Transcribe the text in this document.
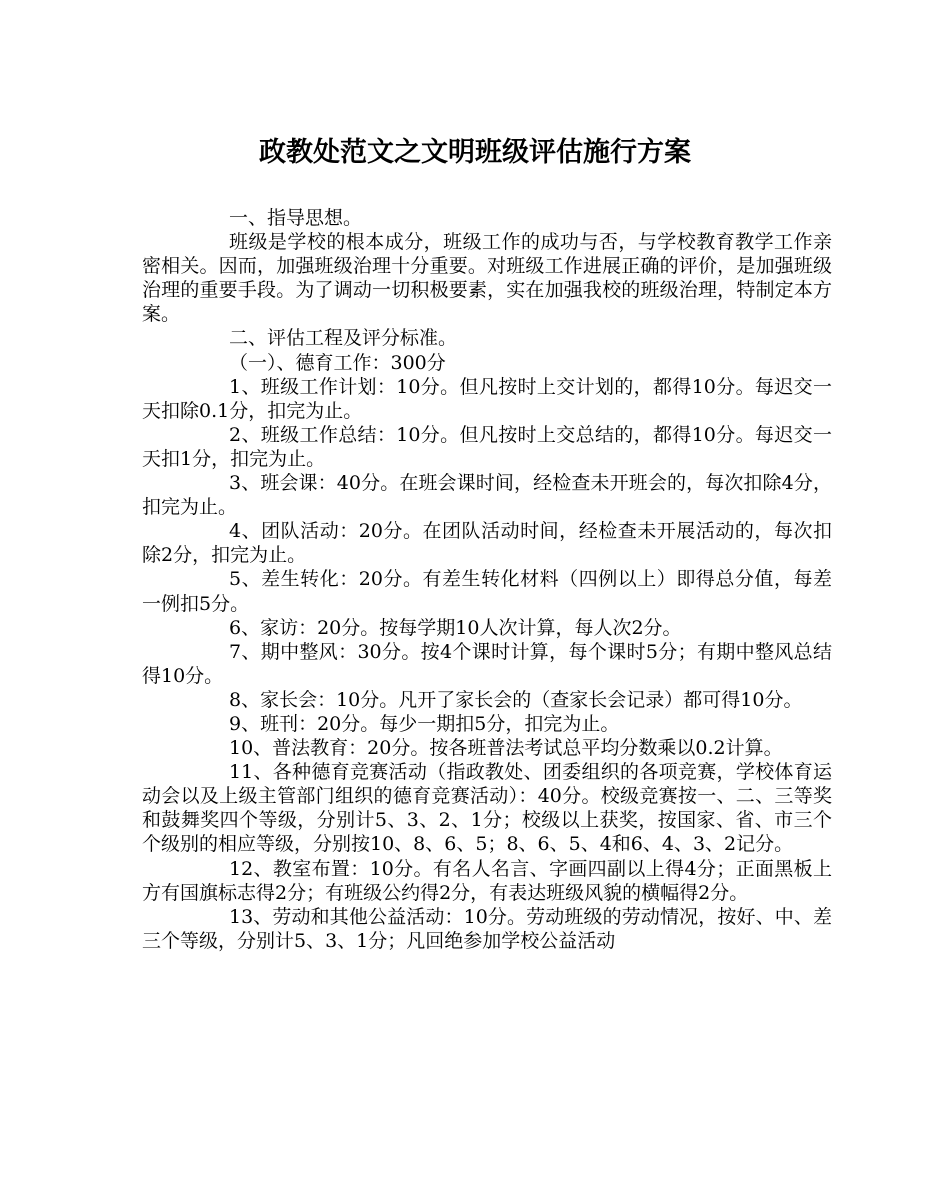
政教处范文之文明班级评估施行方案

一、指导思想。

班级是学校的根本成分，班级工作的成功与否，与学校教育教学工作亲密相关。因而，加强班级治理十分重要。对班级工作进展正确的评价，是加强班级治理的重要手段。为了调动一切积极要素，实在加强我校的班级治理，特制定本方案。

二、评估工程及评分标准。

（一）、德育工作：300分

1、班级工作计划：10分。但凡按时上交计划的，都得10分。每迟交一天扣除0.1分，扣完为止。

2、班级工作总结：10分。但凡按时上交总结的，都得10分。每迟交一天扣1分，扣完为止。

3、班会课：40分。在班会课时间，经检查未开班会的，每次扣除4分，扣完为止。

4、团队活动：20分。在团队活动时间，经检查未开展活动的，每次扣除2分，扣完为止。

5、差生转化：20分。有差生转化材料（四例以上）即得总分值，每差一例扣5分。

6、家访：20分。按每学期10人次计算，每人次2分。

7、期中整风：30分。按4个课时计算，每个课时5分；有期中整风总结得10分。

8、家长会：10分。凡开了家长会的（查家长会记录）都可得10分。

9、班刊：20分。每少一期扣5分，扣完为止。

10、普法教育：20分。按各班普法考试总平均分数乘以0.2计算。

11、各种德育竞赛活动（指政教处、团委组织的各项竞赛，学校体育运动会以及上级主管部门组织的德育竞赛活动）：40分。校级竞赛按一、二、三等奖和鼓舞奖四个等级，分别计5、3、2、1分；校级以上获奖，按国家、省、市三个个级别的相应等级，分别按10、8、6、5；8、6、5、4和6、4、3、2记分。

12、教室布置：10分。有名人名言、字画四副以上得4分；正面黑板上方有国旗标志得2分；有班级公约得2分，有表达班级风貌的横幅得2分。

13、劳动和其他公益活动：10分。劳动班级的劳动情况，按好、中、差三个等级，分别计5、3、1分；凡回绝参加学校公益活动
